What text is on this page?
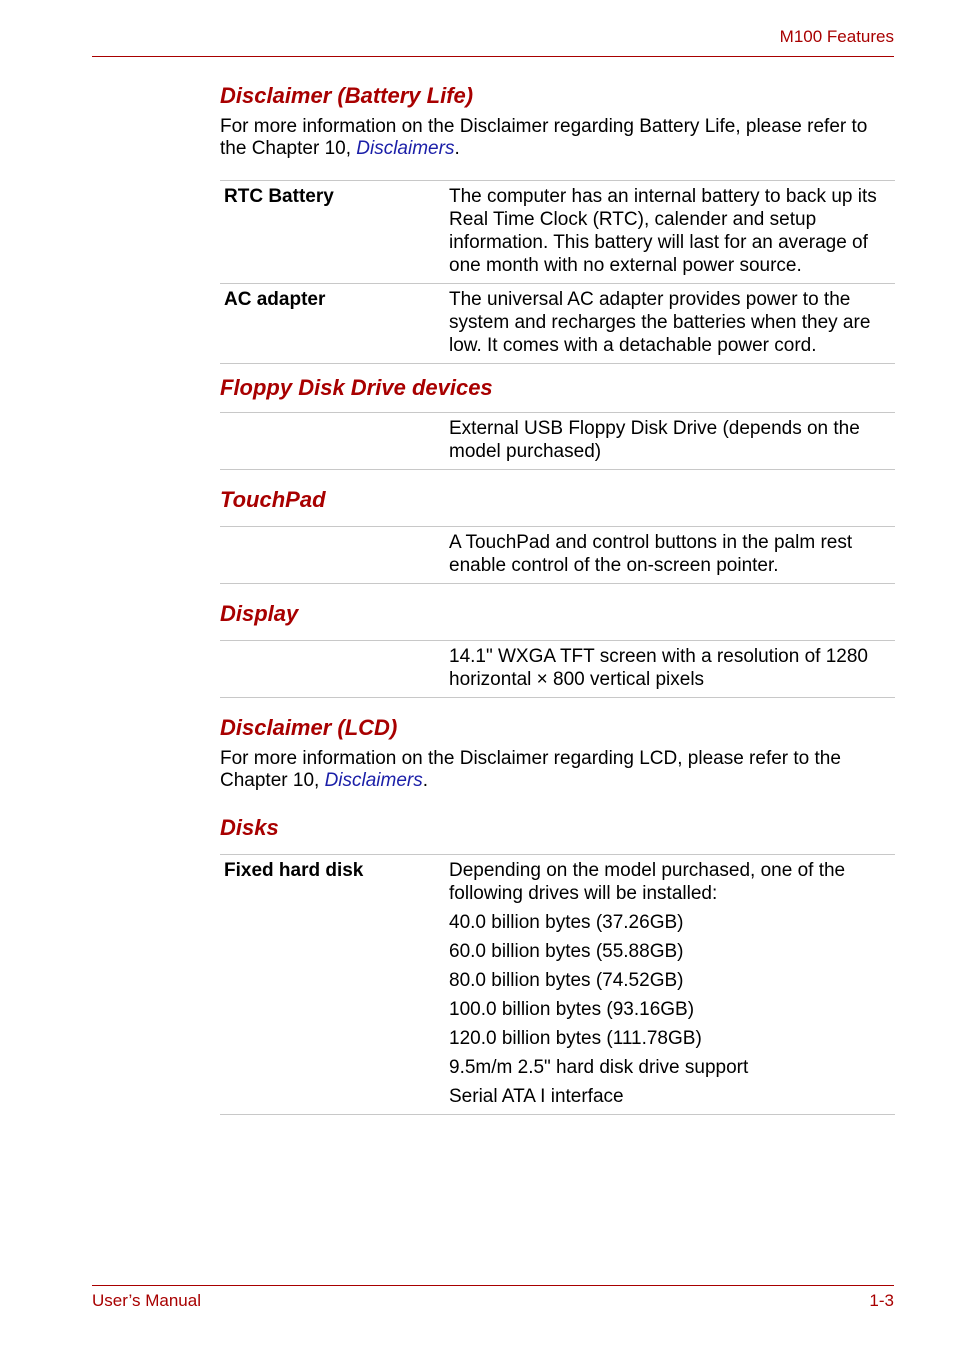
M100 Features
Disclaimer (Battery Life)

For more information on the Disclaimer regarding Battery Life, please refer to the Chapter 10, Disclaimers.

RTC Battery	The computer has an internal battery to back up its Real Time Clock (RTC), calender and setup information. This battery will last for an average of one month with no external power source.
AC adapter	The universal AC adapter provides power to the system and recharges the batteries when they are low. It comes with a detachable power cord.
Floppy Disk Drive devices
	External USB Floppy Disk Drive (depends on the model purchased)
TouchPad
	A TouchPad and control buttons in the palm rest enable control of the on-screen pointer.
Display
	14.1" WXGA TFT screen with a resolution of 1280 horizontal × 800 vertical pixels
Disclaimer (LCD)

For more information on the Disclaimer regarding LCD, please refer to the Chapter 10, Disclaimers.

Disks
Fixed hard disk	Depending on the model purchased, one of the following drives will be installed:
40.0 billion bytes (37.26GB)
60.0 billion bytes (55.88GB)
80.0 billion bytes (74.52GB)
100.0 billion bytes (93.16GB)
120.0 billion bytes (111.78GB)
9.5m/m 2.5" hard disk drive support
Serial ATA I interface
User’s Manual	1-3
